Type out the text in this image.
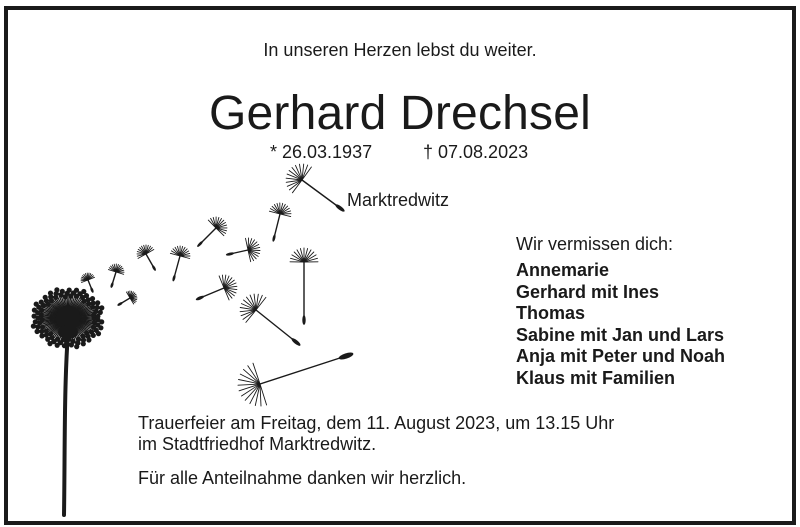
In unseren Herzen lebst du weiter.
Gerhard Drechsel
* 26.03.1937	† 07.08.2023
Marktredwitz
Wir vermissen dich:
Annemarie
Gerhard mit Ines
Thomas
Sabine mit Jan und Lars
Anja mit Peter und Noah
Klaus mit Familien
Trauerfeier am Freitag, dem 11. August 2023, um 13.15 Uhr
im Stadtfriedhof Marktredwitz.
Für alle Anteilnahme danken wir herzlich.
